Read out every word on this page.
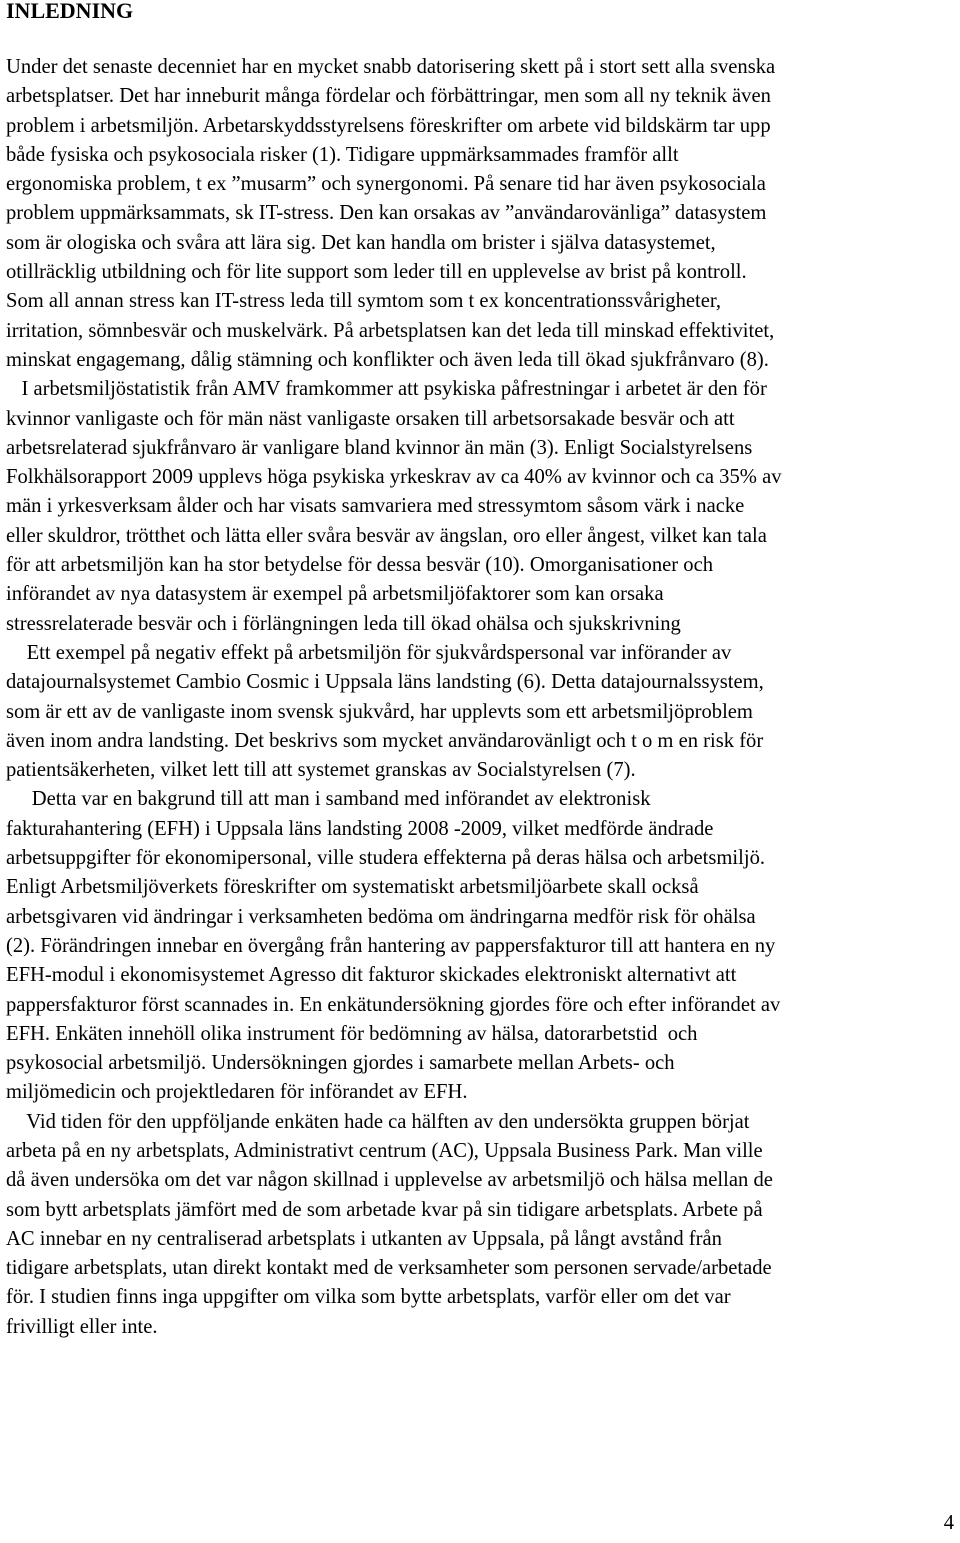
INLEDNING
Under det senaste decenniet har en mycket snabb datorisering skett på i stort sett alla svenska
arbetsplatser. Det har inneburit många fördelar och förbättringar, men som all ny teknik även
problem i arbetsmiljön. Arbetarskyddsstyrelsens föreskrifter om arbete vid bildskärm tar upp
både fysiska och psykosociala risker (1). Tidigare uppmärksammades framför allt
ergonomiska problem, t ex ”musarm” och synergonomi. På senare tid har även psykosociala
problem uppmärksammats, sk IT-stress. Den kan orsakas av ”användarovänliga” datasystem
som är ologiska och svåra att lära sig. Det kan handla om brister i själva datasystemet,
otillräcklig utbildning och för lite support som leder till en upplevelse av brist på kontroll.
Som all annan stress kan IT-stress leda till symtom som t ex koncentrationssvårigheter,
irritation, sömnbesvär och muskelvärk. På arbetsplatsen kan det leda till minskad effektivitet,
minskat engagemang, dålig stämning och konflikter och även leda till ökad sjukfrånvaro (8).
I arbetsmiljöstatistik från AMV framkommer att psykiska påfrestningar i arbetet är den för
kvinnor vanligaste och för män näst vanligaste orsaken till arbetsorsakade besvär och att
arbetsrelaterad sjukfrånvaro är vanligare bland kvinnor än män (3). Enligt Socialstyrelsens
Folkhälsorapport 2009 upplevs höga psykiska yrkeskrav av ca 40% av kvinnor och ca 35% av
män i yrkesverksam ålder och har visats samvariera med stressymtom såsom värk i nacke
eller skuldror, trötthet och lätta eller svåra besvär av ängslan, oro eller ångest, vilket kan tala
för att arbetsmiljön kan ha stor betydelse för dessa besvär (10). Omorganisationer och
införandet av nya datasystem är exempel på arbetsmiljöfaktorer som kan orsaka
stressrelaterade besvär och i förlängningen leda till ökad ohälsa och sjukskrivning
Ett exempel på negativ effekt på arbetsmiljön för sjukvårdspersonal var införander av
datajournalsystemet Cambio Cosmic i Uppsala läns landsting (6). Detta datajournalssystem,
som är ett av de vanligaste inom svensk sjukvård, har upplevts som ett arbetsmiljöproblem
även inom andra landsting. Det beskrivs som mycket användarovänligt och t o m en risk för
patientsäkerheten, vilket lett till att systemet granskas av Socialstyrelsen (7).
Detta var en bakgrund till att man i samband med införandet av elektronisk
fakturahantering (EFH) i Uppsala läns landsting 2008 -2009, vilket medförde ändrade
arbetsuppgifter för ekonomipersonal, ville studera effekterna på deras hälsa och arbetsmiljö.
Enligt Arbetsmiljöverkets föreskrifter om systematiskt arbetsmiljöarbete skall också
arbetsgivaren vid ändringar i verksamheten bedöma om ändringarna medför risk för ohälsa
(2). Förändringen innebar en övergång från hantering av pappersfakturor till att hantera en ny
EFH-modul i ekonomisystemet Agresso dit fakturor skickades elektroniskt alternativt att
pappersfakturor först scannades in. En enkätundersökning gjordes före och efter införandet av
EFH. Enkäten innehöll olika instrument för bedömning av hälsa, datorarbetstid  och
psykosocial arbetsmiljö. Undersökningen gjordes i samarbete mellan Arbets- och
miljömedicin och projektledaren för införandet av EFH.
Vid tiden för den uppföljande enkäten hade ca hälften av den undersökta gruppen börjat
arbeta på en ny arbetsplats, Administrativt centrum (AC), Uppsala Business Park. Man ville
då även undersöka om det var någon skillnad i upplevelse av arbetsmiljö och hälsa mellan de
som bytt arbetsplats jämfört med de som arbetade kvar på sin tidigare arbetsplats. Arbete på
AC innebar en ny centraliserad arbetsplats i utkanten av Uppsala, på långt avstånd från
tidigare arbetsplats, utan direkt kontakt med de verksamheter som personen servade/arbetade
för. I studien finns inga uppgifter om vilka som bytte arbetsplats, varför eller om det var
frivilligt eller inte.
4
